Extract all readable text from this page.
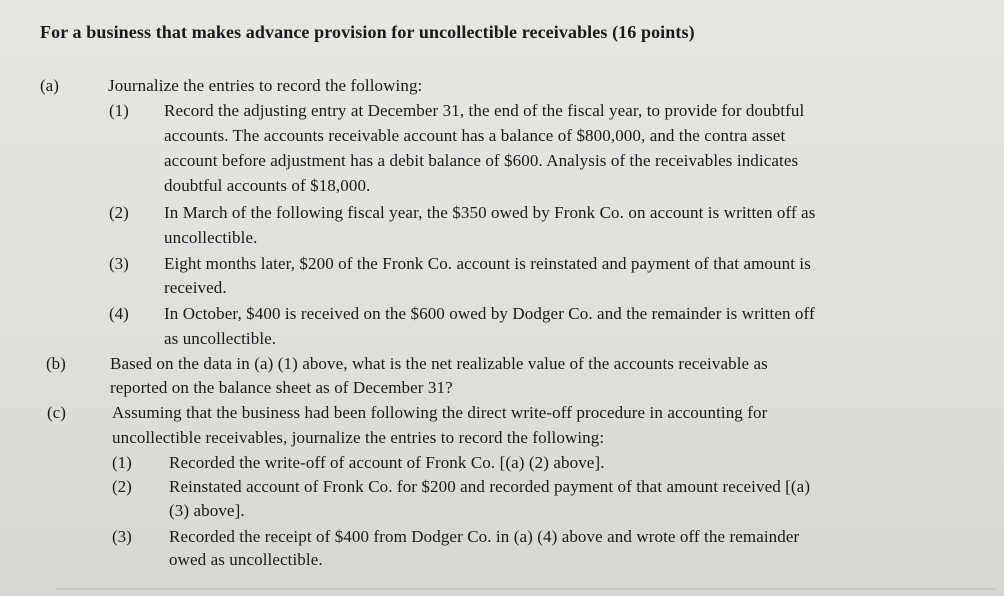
For a business that makes advance provision for uncollectible receivables (16 points)
(a)	Journalize the entries to record the following:
(1) Record the adjusting entry at December 31, the end of the fiscal year, to provide for doubtful
accounts. The accounts receivable account has a balance of $800,000, and the contra asset
account before adjustment has a debit balance of $600. Analysis of the receivables indicates
doubtful accounts of $18,000.
(2) In March of the following fiscal year, the $350 owed by Fronk Co. on account is written off as
uncollectible.
(3) Eight months later, $200 of the Fronk Co. account is reinstated and payment of that amount is
received.
(4) In October, $400 is received on the $600 owed by Dodger Co. and the remainder is written off
as uncollectible.
(b)	Based on the data in (a) (1) above, what is the net realizable value of the accounts receivable as
reported on the balance sheet as of December 31?
(c)	Assuming that the business had been following the direct write-off procedure in accounting for
uncollectible receivables, journalize the entries to record the following:
(1) Recorded the write-off of account of Fronk Co. [(a) (2) above].
(2) Reinstated account of Fronk Co. for $200 and recorded payment of that amount received [(a)
(3) above].
(3) Recorded the receipt of $400 from Dodger Co. in (a) (4) above and wrote off the remainder
owed as uncollectible.
